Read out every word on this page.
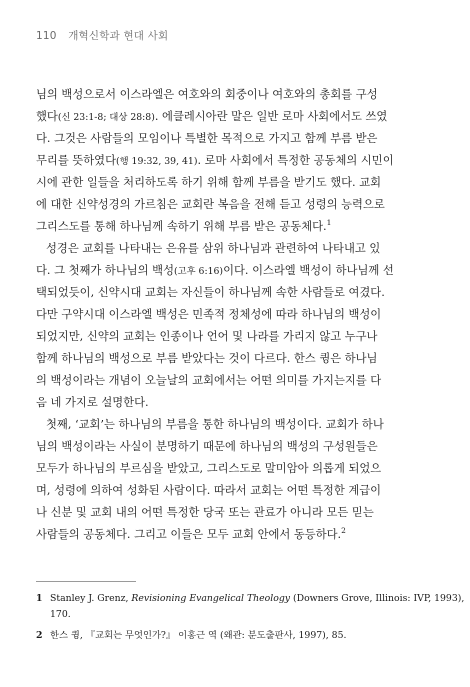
110 개혁신학과 현대 사회
님의 백성으로서 이스라엘은 여호와의 회중이나 여호와의 총회를 구성
했다(신 23:1-8; 대상 28:8). 에클레시아란 말은 일반 로마 사회에서도 쓰였
다. 그것은 사람들의 모임이나 특별한 목적으로 가지고 함께 부름 받은
무리를 뜻하였다(행 19:32, 39, 41). 로마 사회에서 특정한 공동체의 시민이
시에 관한 일들을 처리하도록 하기 위해 함께 부름을 받기도 했다. 교회
에 대한 신약성경의 가르침은 교회란 복음을 전해 듣고 성령의 능력으로
그리스도를 통해 하나님께 속하기 위해 부름 받은 공동체다.$^1$
성경은 교회를 나타내는 은유를 삼위 하나님과 관련하여 나타내고 있
다. 그 첫째가 하나님의 백성(고후 6:16)이다. 이스라엘 백성이 하나님께 선
택되었듯이, 신약시대 교회는 자신들이 하나님께 속한 사람들로 여겼다.
다만 구약시대 이스라엘 백성은 민족적 정체성에 따라 하나님의 백성이
되었지만, 신약의 교회는 인종이나 언어 및 나라를 가리지 않고 누구나
함께 하나님의 백성으로 부름 받았다는 것이 다르다. 한스 큉은 하나님
의 백성이라는 개념이 오늘날의 교회에서는 어떤 의미를 가지는지를 다
음 네 가지로 설명한다.
첫째, ‘교회’는 하나님의 부름을 통한 하나님의 백성이다. 교회가 하나
님의 백성이라는 사실이 분명하기 때문에 하나님의 백성의 구성원들은
모두가 하나님의 부르심을 받았고, 그리스도로 말미암아 의롭게 되었으
며, 성령에 의하여 성화된 사람이다. 따라서 교회는 어떤 특정한 계급이
나 신분 및 교회 내의 어떤 특정한 당국 또는 관료가 아니라 모든 믿는
사람들의 공동체다. 그리고 이들은 모두 교회 안에서 동등하다.$^2$
1 Stanley J. Grenz, Revisioning Evangelical Theology (Downers Grove, Illinois: IVP, 1993),
170.
2 한스 큉, 『교회는 무엇인가?』 이홍근 역 (왜관: 분도출판사, 1997), 85.
